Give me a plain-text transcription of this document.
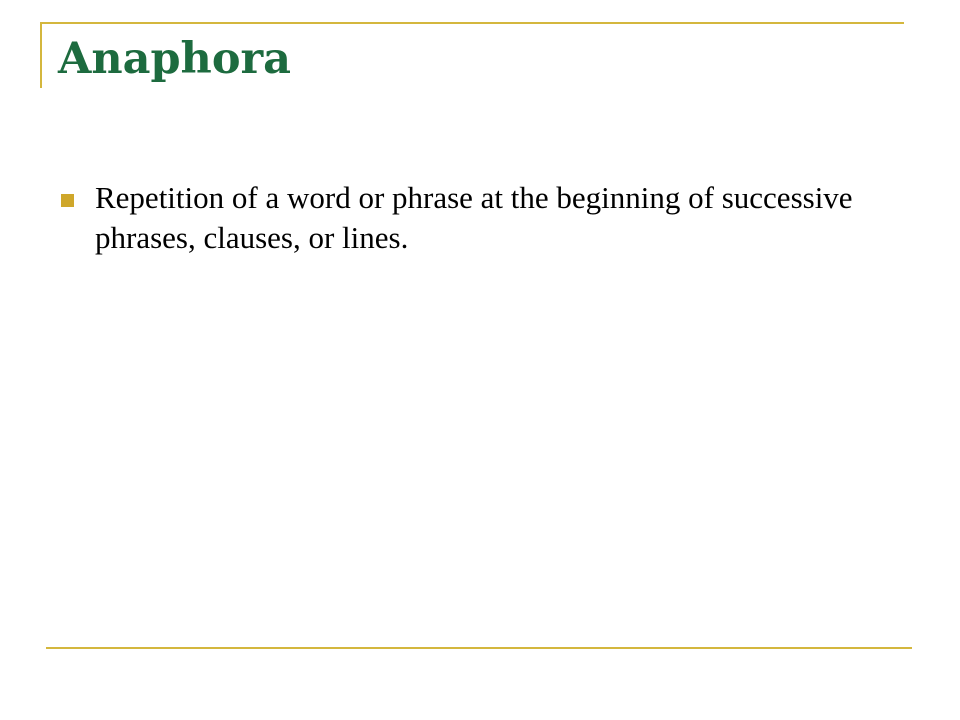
Anaphora
Repetition of a word or phrase at the beginning of successive phrases, clauses, or lines.
